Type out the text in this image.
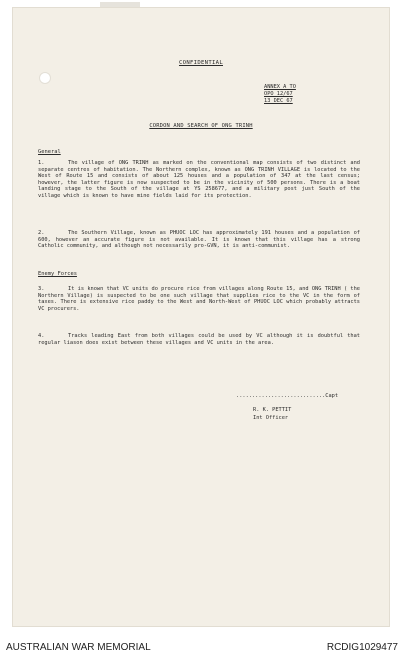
CONFIDENTIAL
ANNEX A TO
OPO 12/67
13 DEC 67
CORDON AND SEARCH OF ONG TRINH
General

1.	The village of ONG TRINH as marked on the conventional map consists of two distinct and separate centres of habitation. The Northern complex, known as ONG TRINH VILLAGE is located to the West of Route 15 and consists of about 125 houses and a population of 347 at the last census; however, the latter figure is now suspected to be in the vicinity of 500 persons. There is a boat landing stage to the South of the village at YS 258677, and a military post just South of the village which is known to have mine fields laid for its protection.

2.	The Southern Village, known as PHUOC LOC has approximately 191 houses and a population of 600, however an accurate figure is not available. It is known that this village has a strong Catholic community, and although not necessarily pro-GVN, it is anti-communist.

Enemy Forces

3.	It is known that VC units do procure rice from villages along Route 15, and ONG TRINH ( the Northern Village) is suspected to be one such village that supplies rice to the VC in the form of taxes. There is extensive rice paddy to the West and North-West of PHUOC LOC which probably attracts VC procurers.

4.	Tracks leading East from both villages could be used by VC although it is doubtful that regular liason does exist between these villages and VC units in the area.

............................Capt
R. K. PETTIT
Int Officer
AUSTRALIAN WAR MEMORIAL	RCDIG1029477
